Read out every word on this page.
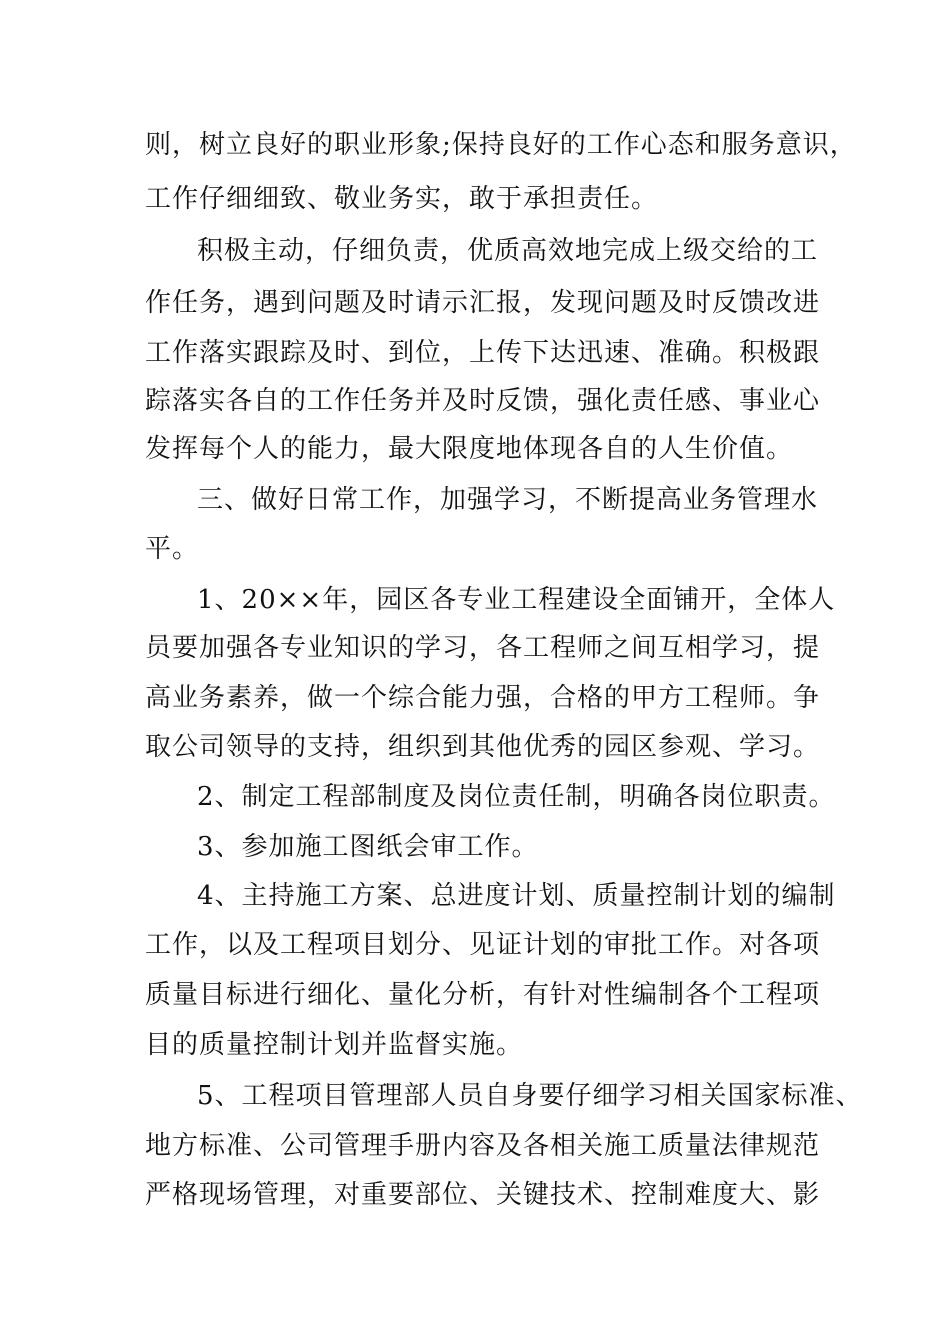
则，树立良好的职业形象;保持良好的工作心态和服务意识，
工作仔细细致、敬业务实，敢于承担责任。
积极主动，仔细负责，优质高效地完成上级交给的工
作任务，遇到问题及时请示汇报，发现问题及时反馈改进
工作落实跟踪及时、到位，上传下达迅速、准确。积极跟
踪落实各自的工作任务并及时反馈，强化责任感、事业心
发挥每个人的能力，最大限度地体现各自的人生价值。
三、做好日常工作，加强学习，不断提高业务管理水
平。
1、20××年，园区各专业工程建设全面铺开，全体人
员要加强各专业知识的学习，各工程师之间互相学习，提
高业务素养，做一个综合能力强，合格的甲方工程师。争
取公司领导的支持，组织到其他优秀的园区参观、学习。
2、制定工程部制度及岗位责任制，明确各岗位职责。
3、参加施工图纸会审工作。
4、主持施工方案、总进度计划、质量控制计划的编制
工作，以及工程项目划分、见证计划的审批工作。对各项
质量目标进行细化、量化分析，有针对性编制各个工程项
目的质量控制计划并监督实施。
5、工程项目管理部人员自身要仔细学习相关国家标准、
地方标准、公司管理手册内容及各相关施工质量法律规范
严格现场管理，对重要部位、关键技术、控制难度大、影
